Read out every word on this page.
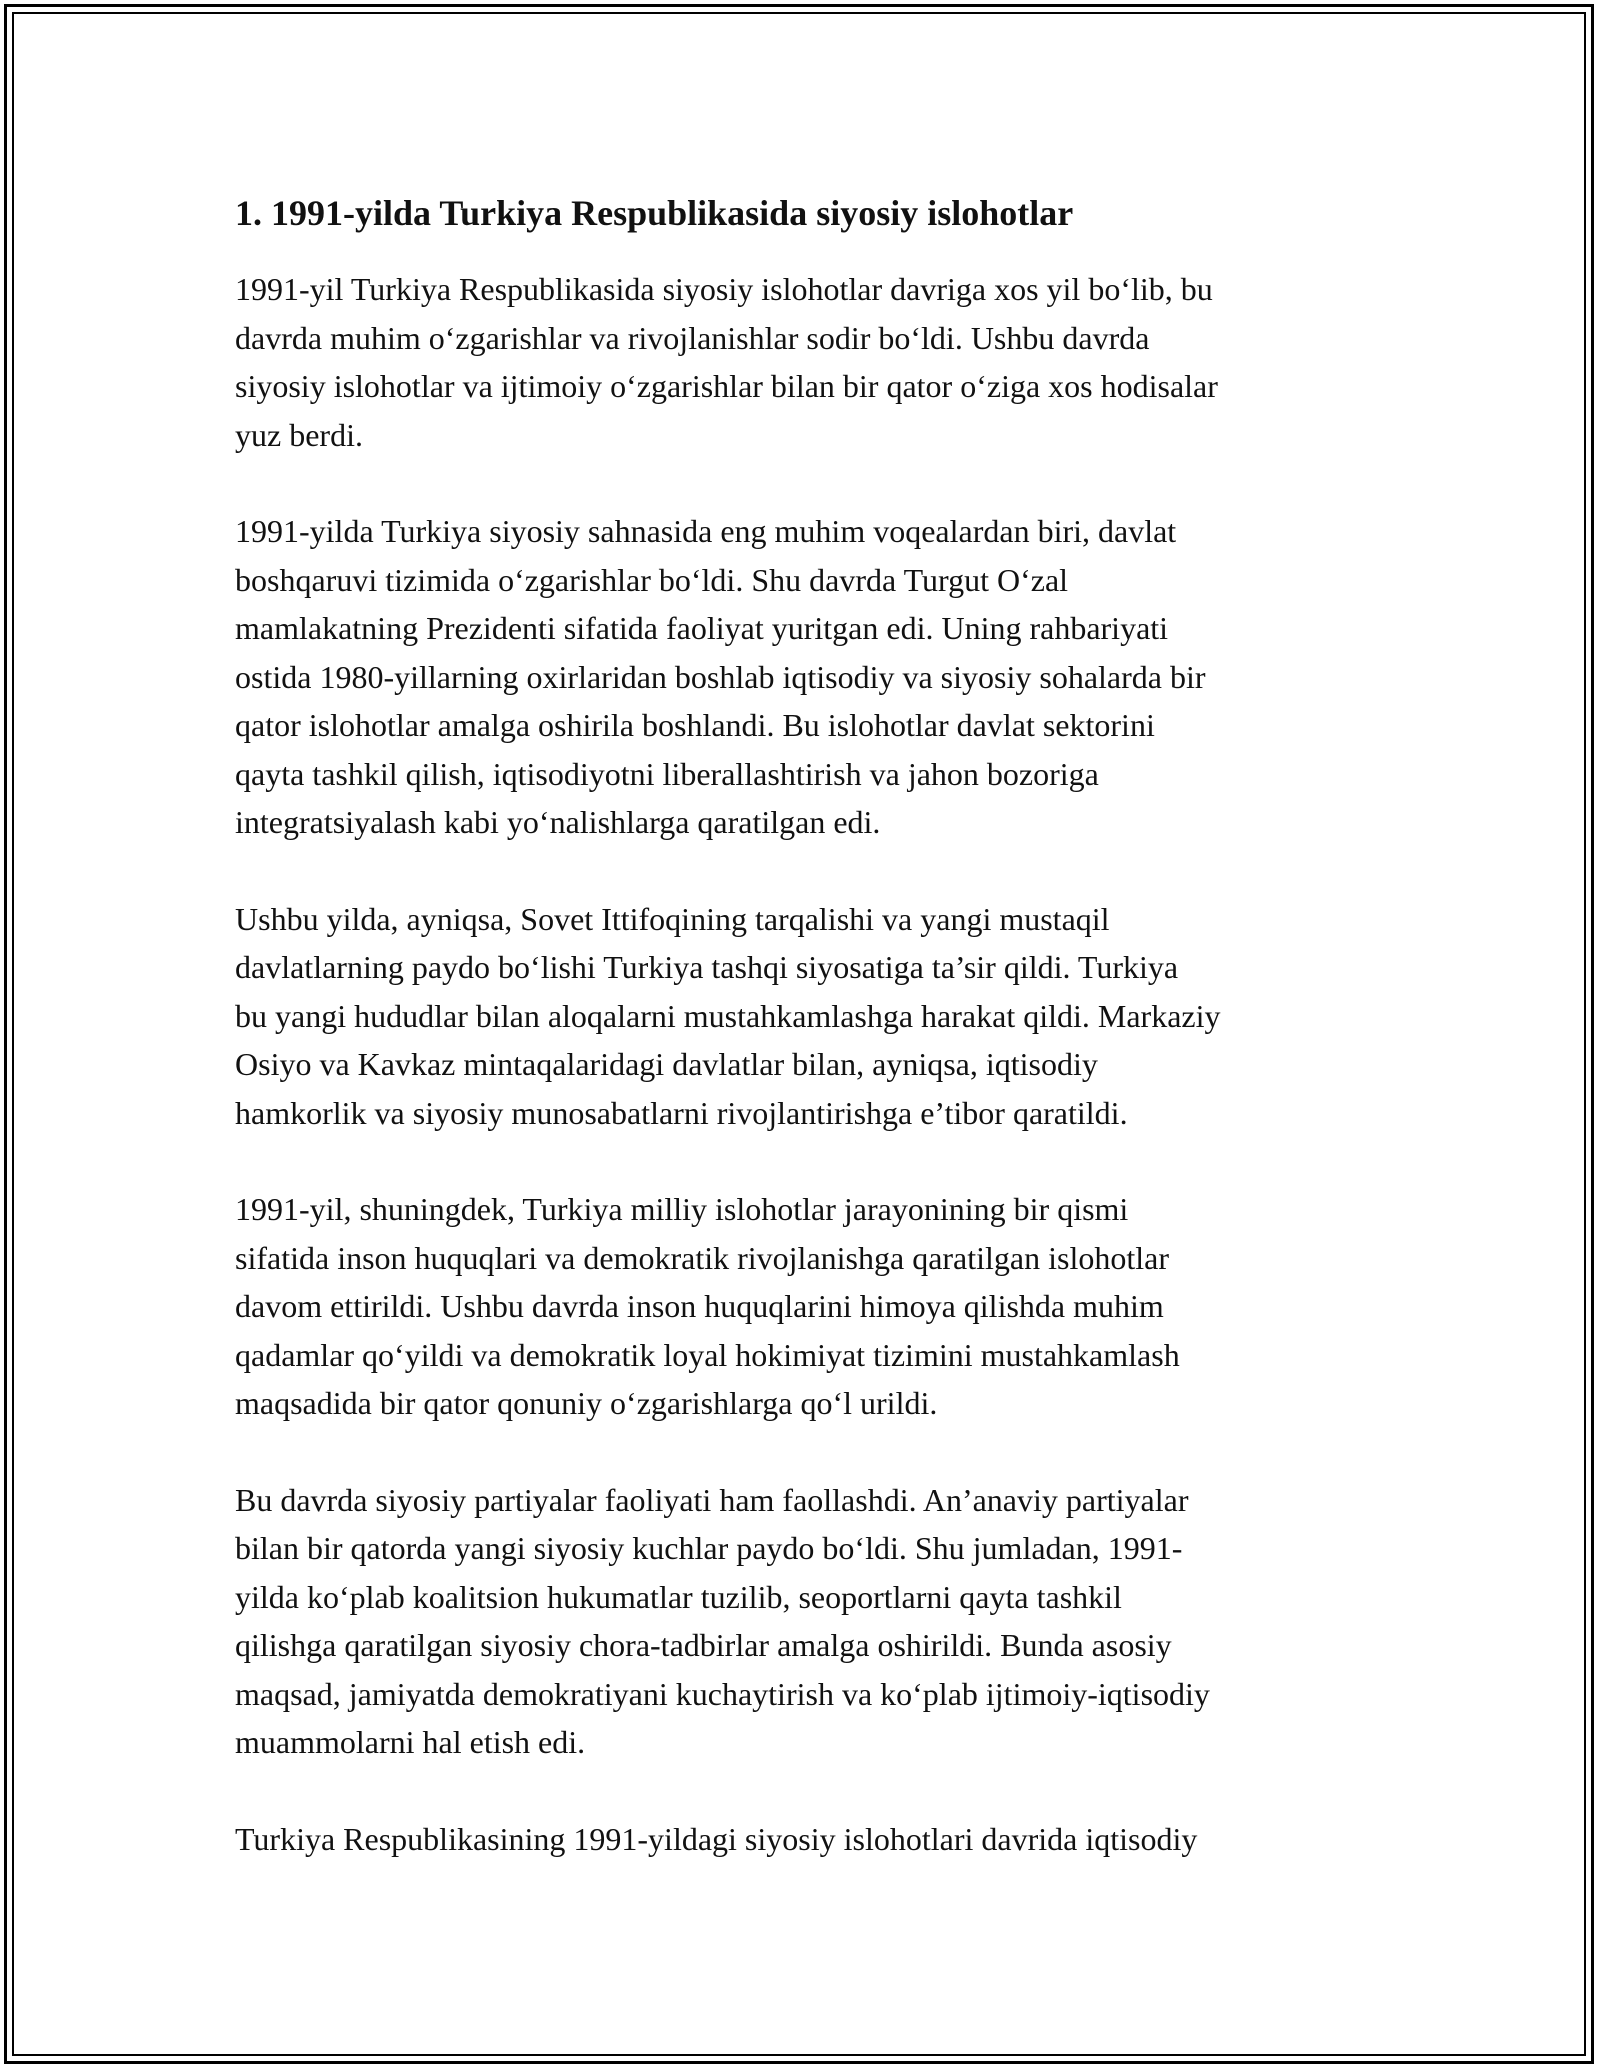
1. 1991-yilda Turkiya Respublikasida siyosiy islohotlar

1991-yil Turkiya Respublikasida siyosiy islohotlar davriga xos yil bo‘lib, bu
davrda muhim o‘zgarishlar va rivojlanishlar sodir bo‘ldi. Ushbu davrda
siyosiy islohotlar va ijtimoiy o‘zgarishlar bilan bir qator o‘ziga xos hodisalar
yuz berdi.

1991-yilda Turkiya siyosiy sahnasida eng muhim voqealardan biri, davlat
boshqaruvi tizimida o‘zgarishlar bo‘ldi. Shu davrda Turgut O‘zal
mamlakatning Prezidenti sifatida faoliyat yuritgan edi. Uning rahbariyati
ostida 1980-yillarning oxirlaridan boshlab iqtisodiy va siyosiy sohalarda bir
qator islohotlar amalga oshirila boshlandi. Bu islohotlar davlat sektorini
qayta tashkil qilish, iqtisodiyotni liberallashtirish va jahon bozoriga
integratsiyalash kabi yo‘nalishlarga qaratilgan edi.

Ushbu yilda, ayniqsa, Sovet Ittifoqining tarqalishi va yangi mustaqil
davlatlarning paydo bo‘lishi Turkiya tashqi siyosatiga ta’sir qildi. Turkiya
bu yangi hududlar bilan aloqalarni mustahkamlashga harakat qildi. Markaziy
Osiyo va Kavkaz mintaqalaridagi davlatlar bilan, ayniqsa, iqtisodiy
hamkorlik va siyosiy munosabatlarni rivojlantirishga e’tibor qaratildi.

1991-yil, shuningdek, Turkiya milliy islohotlar jarayonining bir qismi
sifatida inson huquqlari va demokratik rivojlanishga qaratilgan islohotlar
davom ettirildi. Ushbu davrda inson huquqlarini himoya qilishda muhim
qadamlar qo‘yildi va demokratik loyal hokimiyat tizimini mustahkamlash
maqsadida bir qator qonuniy o‘zgarishlarga qo‘l urildi.

Bu davrda siyosiy partiyalar faoliyati ham faollashdi. An’anaviy partiyalar
bilan bir qatorda yangi siyosiy kuchlar paydo bo‘ldi. Shu jumladan, 1991-
yilda ko‘plab koalitsion hukumatlar tuzilib, seoportlarni qayta tashkil
qilishga qaratilgan siyosiy chora-tadbirlar amalga oshirildi. Bunda asosiy
maqsad, jamiyatda demokratiyani kuchaytirish va ko‘plab ijtimoiy-iqtisodiy
muammolarni hal etish edi.

Turkiya Respublikasining 1991-yildagi siyosiy islohotlari davrida iqtisodiy
